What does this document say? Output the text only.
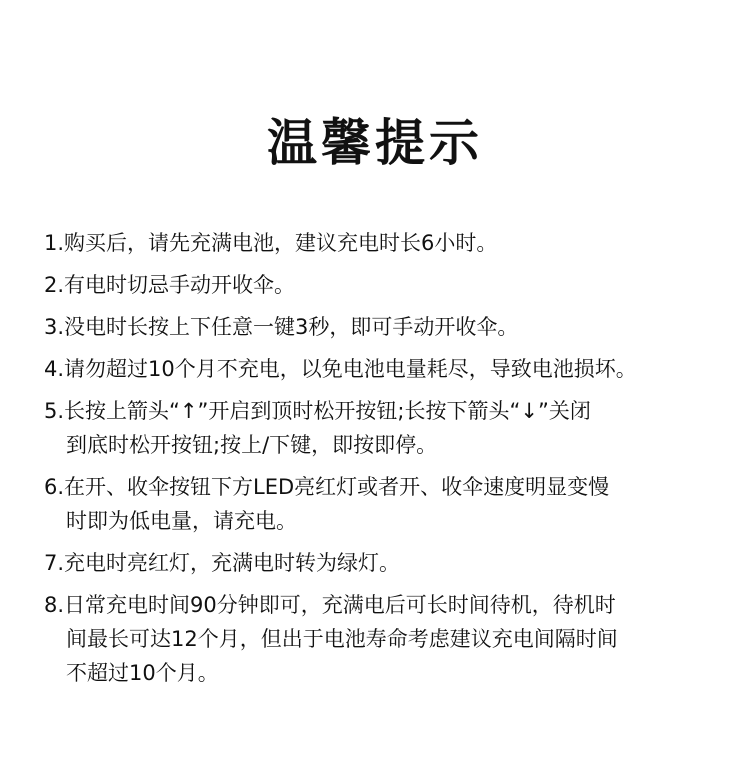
温馨提示
1.购买后，请先充满电池，建议充电时长6小时。
2.有电时切忌手动开收伞。
3.没电时长按上下任意一键3秒，即可手动开收伞。
4.请勿超过10个月不充电，以免电池电量耗尽，导致电池损坏。
5.长按上箭头“↑”开启到顶时松开按钮;长按下箭头“↓”关闭
到底时松开按钮;按上/下键，即按即停。
6.在开、收伞按钮下方LED亮红灯或者开、收伞速度明显变慢
时即为低电量，请充电。
7.充电时亮红灯，充满电时转为绿灯。
8.日常充电时间90分钟即可，充满电后可长时间待机，待机时
间最长可达12个月，但出于电池寿命考虑建议充电间隔时间
不超过10个月。
